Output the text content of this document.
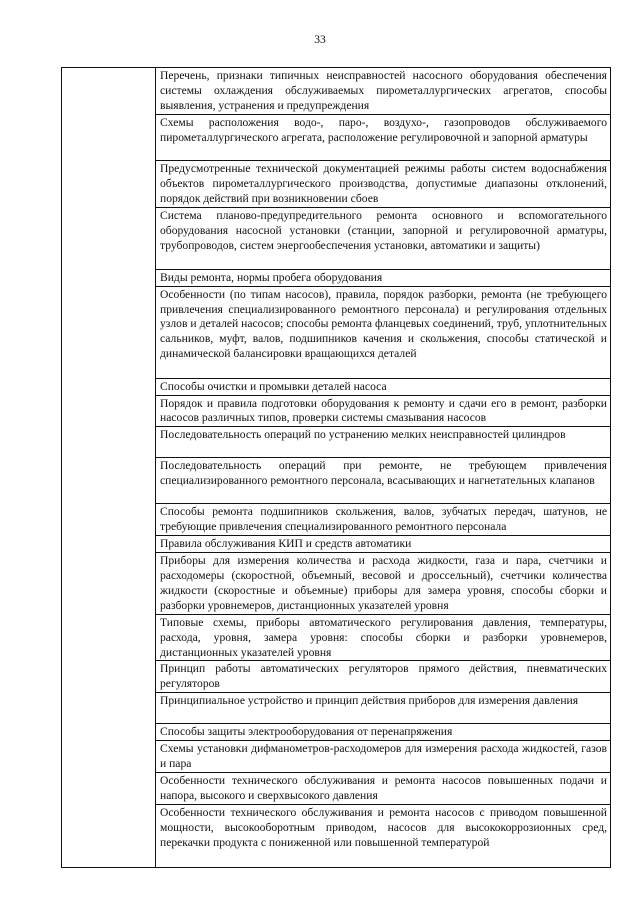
33

Перечень, признаки типичных неисправностей насосного оборудования обеспечения системы охлаждения обслуживаемых пирометаллургических агрегатов, способы выявления, устранения и предупреждения

Схемы расположения водо-, паро-, воздухо-, газопроводов обслуживаемого пирометаллургического агрегата, расположение регулировочной и запорной арматуры

Предусмотренные технической документацией режимы работы систем водоснабжения объектов пирометаллургического производства, допустимые диапазоны отклонений, порядок действий при возникновении сбоев

Система планово-предупредительного ремонта основного и вспомогательного оборудования насосной установки (станции, запорной и регулировочной арматуры, трубопроводов, систем энергообеспечения установки, автоматики и защиты)

Виды ремонта, нормы пробега оборудования

Особенности (по типам насосов), правила, порядок разборки, ремонта (не требующего привлечения специализированного ремонтного персонала) и регулирования отдельных узлов и деталей насосов; способы ремонта фланцевых соединений, труб, уплотнительных сальников, муфт, валов, подшипников качения и скольжения, способы статической и динамической балансировки вращающихся деталей

Способы очистки и промывки деталей насоса

Порядок и правила подготовки оборудования к ремонту и сдачи его в ремонт, разборки насосов различных типов, проверки системы смазывания насосов

Последовательность операций по устранению мелких неисправностей цилиндров

Последовательность операций при ремонте, не требующем привлечения специализированного ремонтного персонала, всасывающих и нагнетательных клапанов

Способы ремонта подшипников скольжения, валов, зубчатых передач, шатунов, не требующие привлечения специализированного ремонтного персонала

Правила обслуживания КИП и средств автоматики

Приборы для измерения количества и расхода жидкости, газа и пара, счетчики и расходомеры (скоростной, объемный, весовой и дроссельный), счетчики количества жидкости (скоростные и объемные) приборы для замера уровня, способы сборки и разборки уровнемеров, дистанционных указателей уровня

Типовые схемы, приборы автоматического регулирования давления, температуры, расхода, уровня, замера уровня: способы сборки и разборки уровнемеров, дистанционных указателей уровня

Принцип работы автоматических регуляторов прямого действия, пневматических регуляторов

Принципиальное устройство и принцип действия приборов для измерения давления

Способы защиты электрооборудования от перенапряжения

Схемы установки дифманометров-расходомеров для измерения расхода жидкостей, газов и пара

Особенности технического обслуживания и ремонта насосов повышенных подачи и напора, высокого и сверхвысокого давления

Особенности технического обслуживания и ремонта насосов с приводом повышенной мощности, высокооборотным приводом, насосов для высококоррозионных сред, перекачки продукта с пониженной или повышенной температурой
